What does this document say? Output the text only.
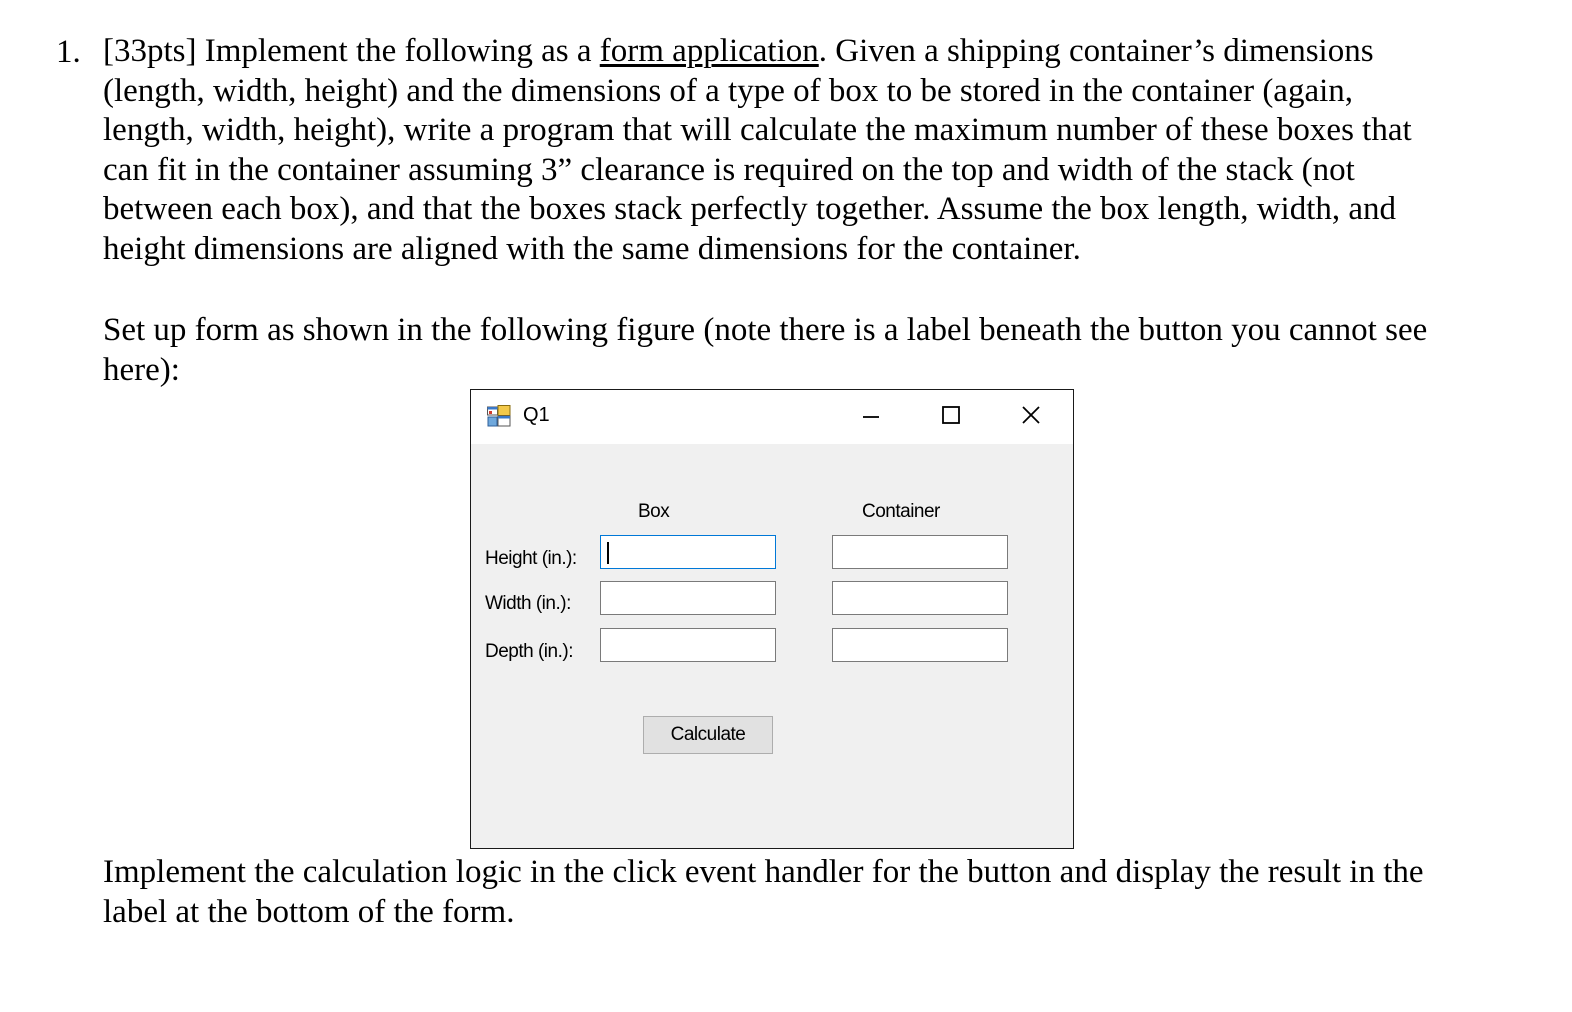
1. [33pts] Implement the following as a form application. Given a shipping container’s dimensions
(length, width, height) and the dimensions of a type of box to be stored in the container (again,
length, width, height), write a program that will calculate the maximum number of these boxes that
can fit in the container assuming 3” clearance is required on the top and width of the stack (not
between each box), and that the boxes stack perfectly together. Assume the box length, width, and
height dimensions are aligned with the same dimensions for the container.
Set up form as shown in the following figure (note there is a label beneath the button you cannot see
here):
Q1
Box	Container
Height (in.):
Width (in.):
Depth (in.):
Calculate
Implement the calculation logic in the click event handler for the button and display the result in the
label at the bottom of the form.
